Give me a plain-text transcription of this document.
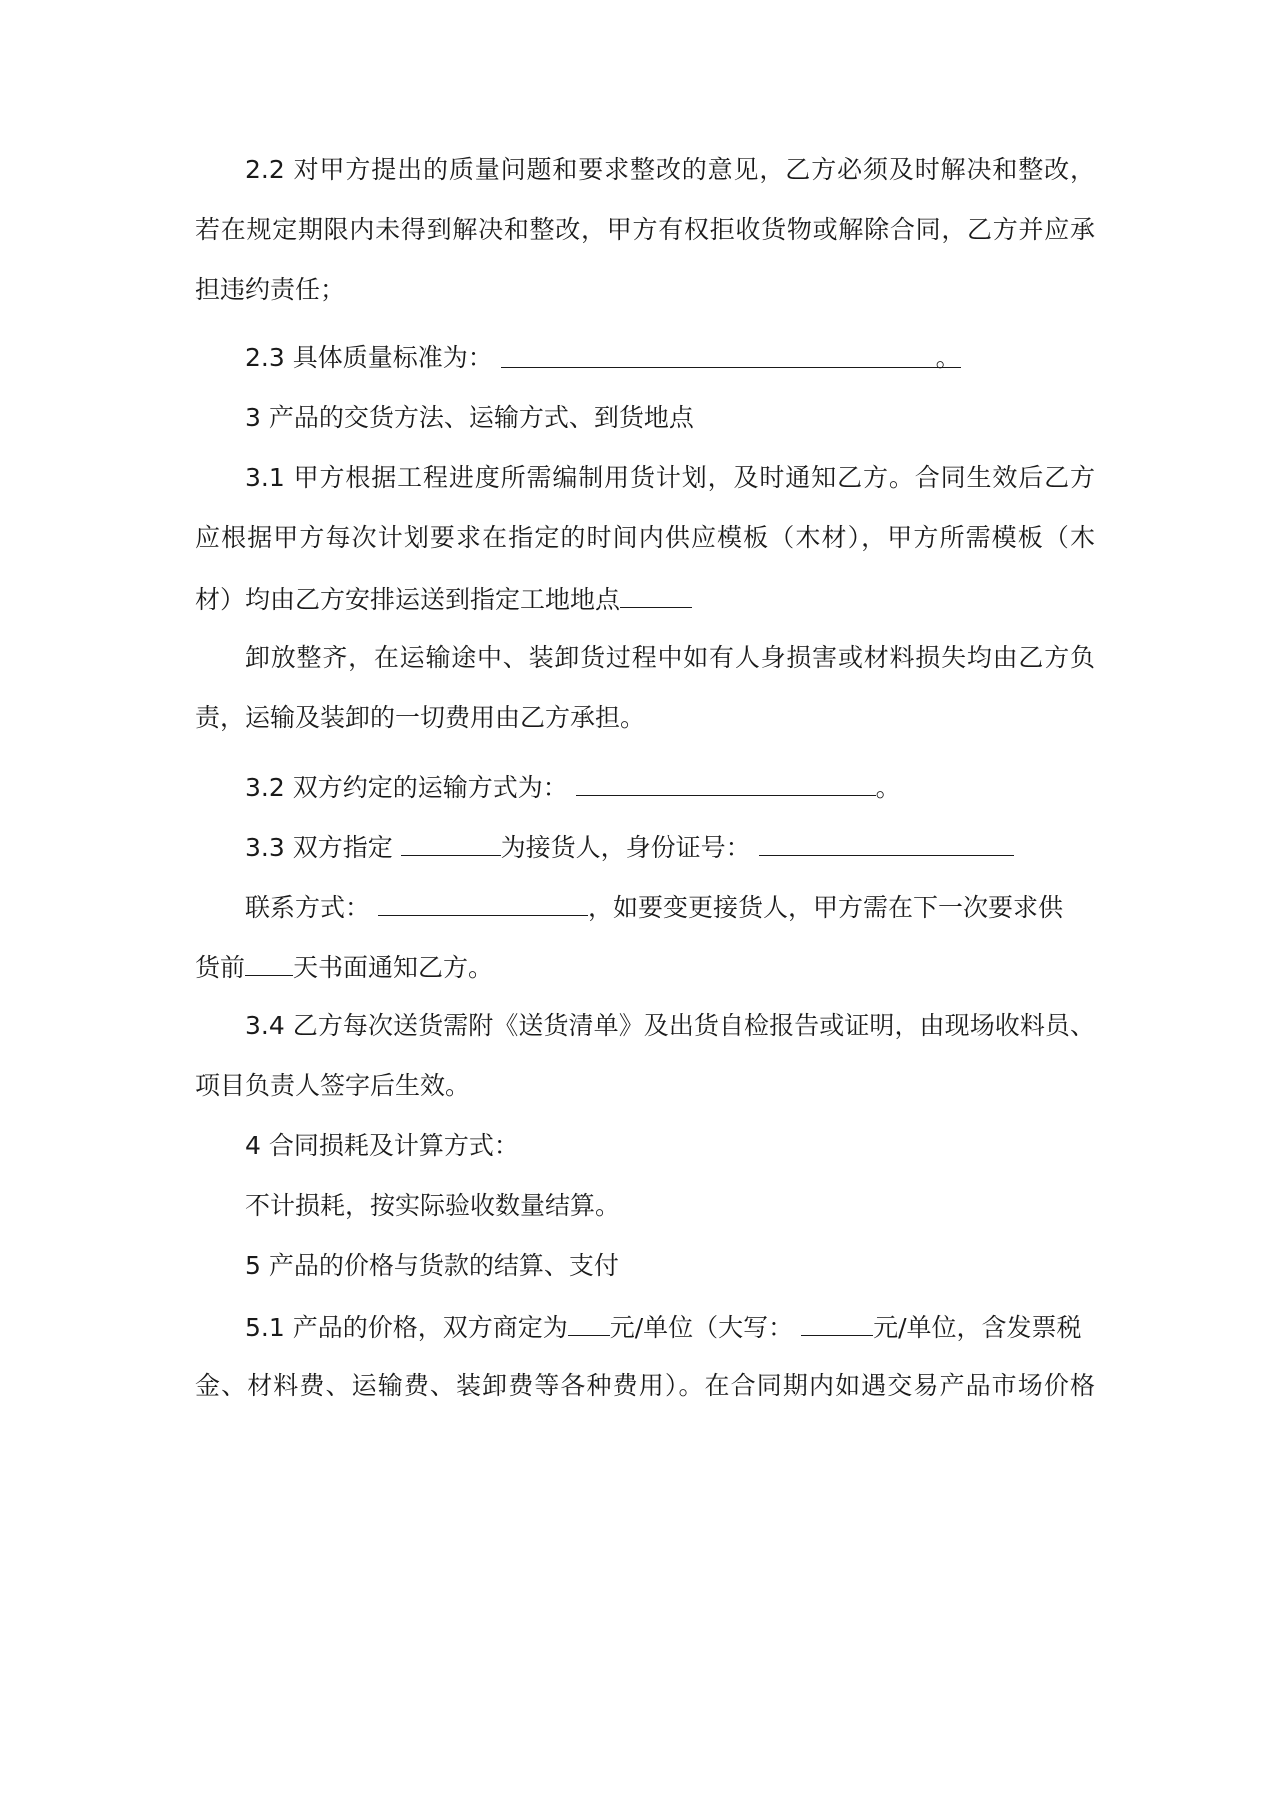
2.2 对甲方提出的质量问题和要求整改的意见，乙方必须及时解决和整改，
若在规定期限内未得到解决和整改，甲方有权拒收货物或解除合同，乙方并应承
担违约责任；
2.3 具体质量标准为：	。
3 产品的交货方法、运输方式、到货地点
3.1 甲方根据工程进度所需编制用货计划，及时通知乙方。合同生效后乙方
应根据甲方每次计划要求在指定的时间内供应模板（木材），甲方所需模板（木
材）均由乙方安排运送到指定工地地点
卸放整齐，在运输途中、装卸货过程中如有人身损害或材料损失均由乙方负
责，运输及装卸的一切费用由乙方承担。
3.2 双方约定的运输方式为：	。
3.3 双方指定	为接货人，身份证号：
联系方式：	，如要变更接货人，甲方需在下一次要求供
货前 天书面通知乙方。
3.4 乙方每次送货需附《送货清单》及出货自检报告或证明，由现场收料员、
项目负责人签字后生效。
4 合同损耗及计算方式：
不计损耗，按实际验收数量结算。
5 产品的价格与货款的结算、支付
5.1 产品的价格，双方商定为 元/单位（大写：	元/单位，含发票税
金、材料费、运输费、装卸费等各种费用）。在合同期内如遇交易产品市场价格
